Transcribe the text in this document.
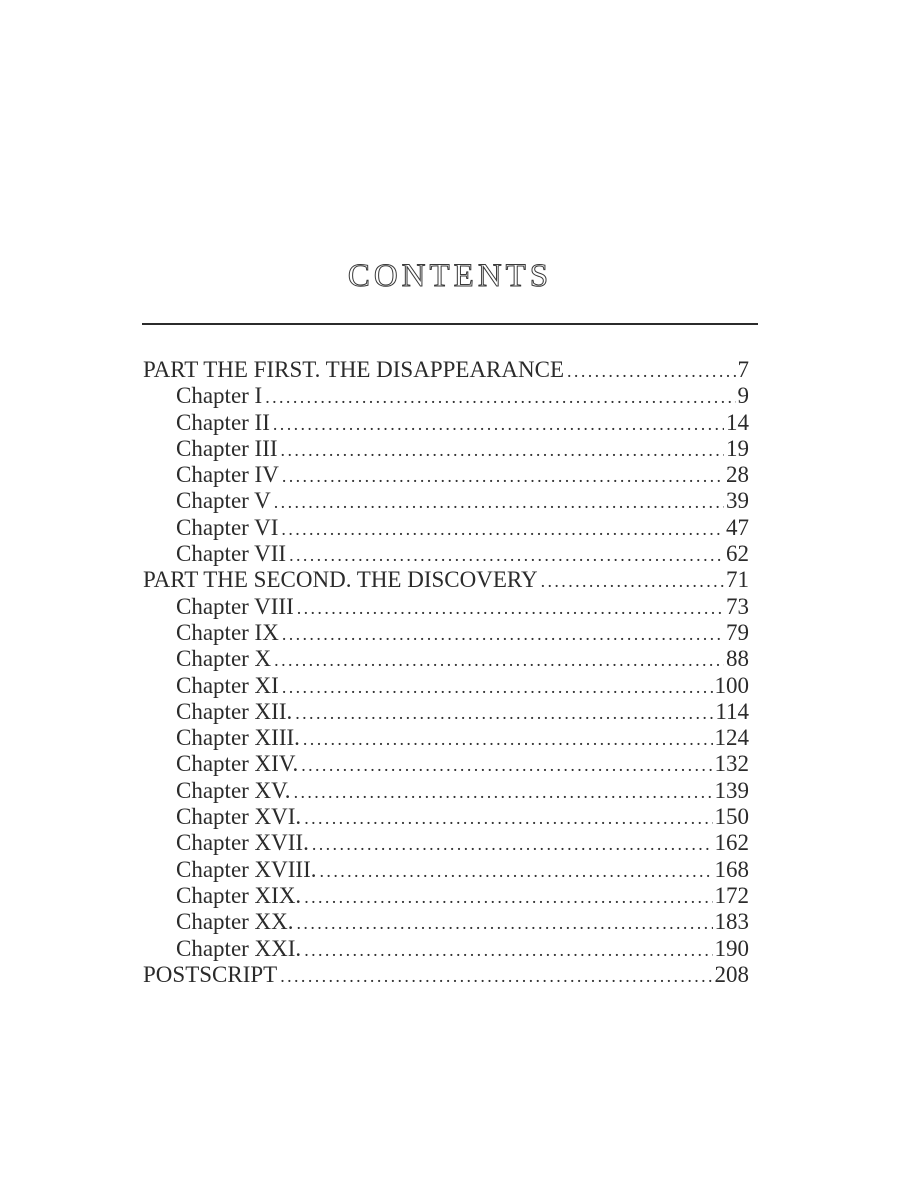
CONTENTS
PART THE FIRST. THE DISAPPEARANCE .....	7
Chapter I .....	9
Chapter II .....	14
Chapter III .....	19
Chapter IV .....	28
Chapter V .....	39
Chapter VI .....	47
Chapter VII .....	62
PART THE SECOND. THE DISCOVERY .....	71
Chapter VIII .....	73
Chapter IX .....	79
Chapter X .....	88
Chapter XI .....	100
Chapter XII. .....	114
Chapter XIII. .....	124
Chapter XIV. .....	132
Chapter XV. .....	139
Chapter XVI. .....	150
Chapter XVII. .....	162
Chapter XVIII. .....	168
Chapter XIX. .....	172
Chapter XX. .....	183
Chapter XXI. .....	190
POSTSCRIPT .....	208
